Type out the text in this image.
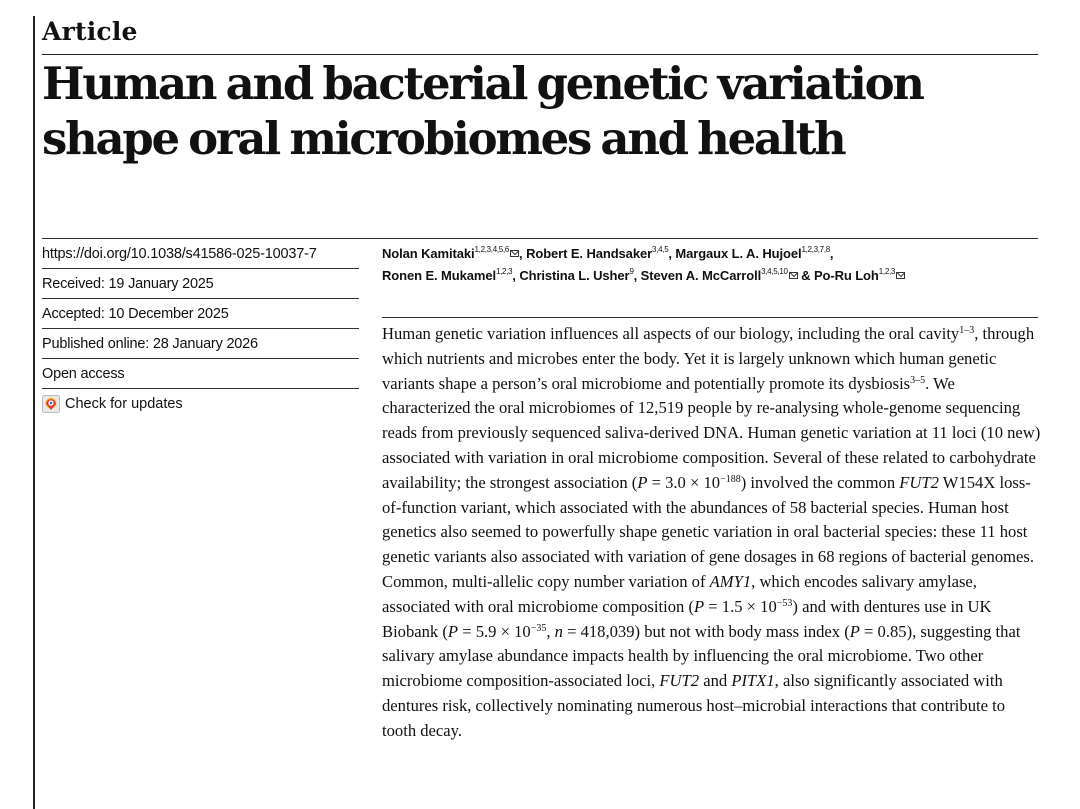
Article
Human and bacterial genetic variation shape oral microbiomes and health
https://doi.org/10.1038/s41586-025-10037-7
Received: 19 January 2025
Accepted: 10 December 2025
Published online: 28 January 2026
Open access
Check for updates
Nolan Kamitaki$^{1,2,3,4,5,6}$ , Robert E. Handsaker$^{3,4,5}$, Margaux L. A. Hujoel$^{1,2,3,7,8}$,
Ronen E. Mukamel$^{1,2,3}$, Christina L. Usher$^9$, Steven A. McCarroll$^{3,4,5,10}$ & Po-Ru Loh$^{1,2,3}$

Human genetic variation influences all aspects of our biology, including the oral cavity$^{1-3}$, through which nutrients and microbes enter the body. Yet it is largely unknown which human genetic variants shape a person’s oral microbiome and potentially promote its dysbiosis$^{3-5}$. We characterized the oral microbiomes of 12,519 people by re-analysing whole-genome sequencing reads from previously sequenced saliva-derived DNA. Human genetic variation at 11 loci (10 new) associated with variation in oral microbiome composition. Several of these related to carbohydrate availability; the strongest association $(P = 3.0 \times 10^{-188})$ involved the common FUT2 W154X loss-of-function variant, which associated with the abundances of 58 bacterial species. Human host genetics also seemed to powerfully shape genetic variation in oral bacterial species: these 11 host genetic variants also associated with variation of gene dosages in 68 regions of bacterial genomes. Common, multi-allelic copy number variation of AMY1, which encodes salivary amylase, associated with oral microbiome composition $(P = 1.5 \times 10^{-53})$ and with dentures use in UK Biobank ($P = 5.9 \times 10^{-35}$, n = 418,039) but not with body mass index (P = 0.85), suggesting that salivary amylase abundance impacts health by influencing the oral microbiome. Two other microbiome composition-associated loci, FUT2 and PITX1, also significantly associated with dentures risk, collectively nominating numerous host–microbial interactions that contribute to tooth decay.
